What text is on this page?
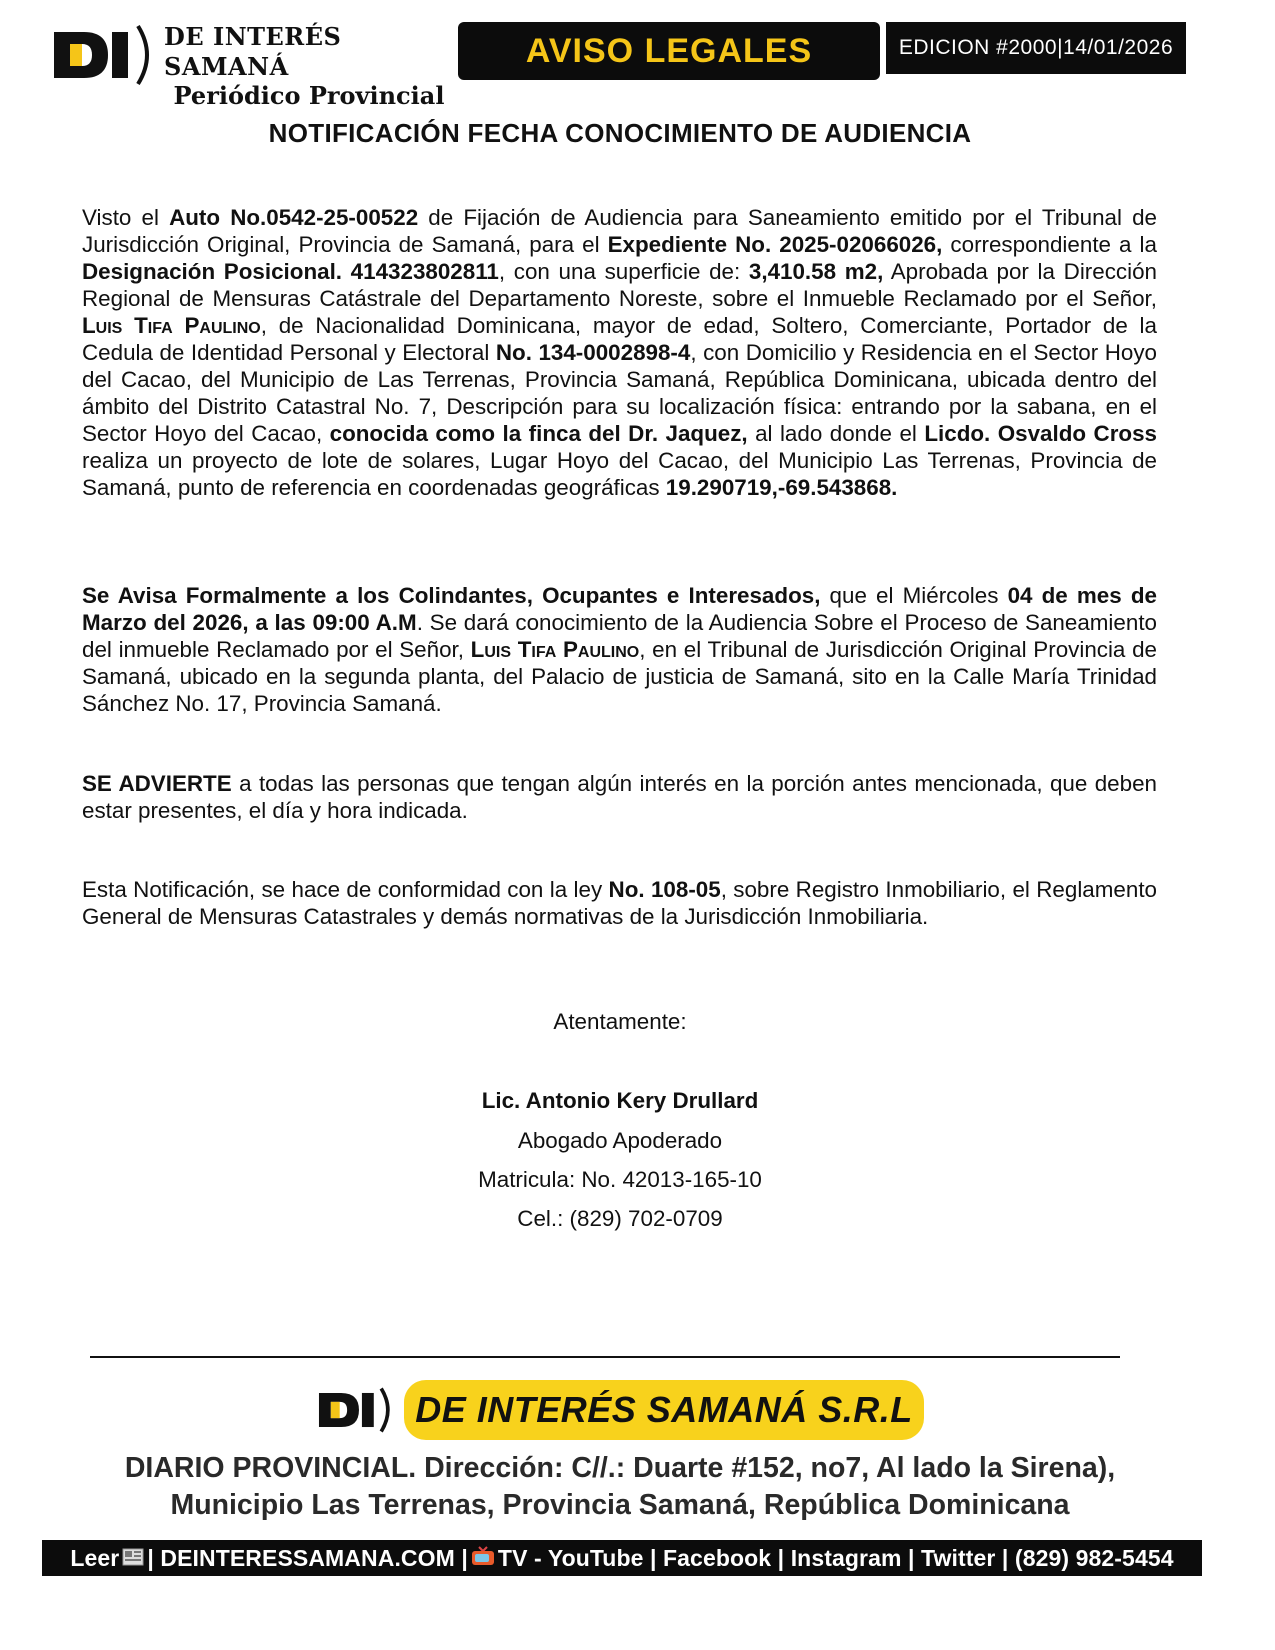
DE INTERÉS SAMANÁ
Periódico Provincial
AVISO LEGALES	EDICION #2000|14/01/2026
NOTIFICACIÓN FECHA CONOCIMIENTO DE AUDIENCIA
Visto el Auto No.0542-25-00522 de Fijación de Audiencia para Saneamiento emitido por el Tribunal de Jurisdicción Original, Provincia de Samaná, para el Expediente No. 2025-02066026, correspondiente a la Designación Posicional. 414323802811, con una superficie de: 3,410.58 m2, Aprobada por la Dirección Regional de Mensuras Catástrale del Departamento Noreste, sobre el Inmueble Reclamado por el Señor, Luis Tifa Paulino, de Nacionalidad Dominicana, mayor de edad, Soltero, Comerciante, Portador de la Cedula de Identidad Personal y Electoral No. 134-0002898-4, con Domicilio y Residencia en el Sector Hoyo del Cacao, del Municipio de Las Terrenas, Provincia Samaná, República Dominicana, ubicada dentro del ámbito del Distrito Catastral No. 7, Descripción para su localización física: entrando por la sabana, en el Sector Hoyo del Cacao, conocida como la finca del Dr. Jaquez, al lado donde el Licdo. Osvaldo Cross realiza un proyecto de lote de solares, Lugar Hoyo del Cacao, del Municipio Las Terrenas, Provincia de Samaná, punto de referencia en coordenadas geográficas 19.290719,-69.543868.
Se Avisa Formalmente a los Colindantes, Ocupantes e Interesados, que el Miércoles 04 de mes de Marzo del 2026, a las 09:00 A.M. Se dará conocimiento de la Audiencia Sobre el Proceso de Saneamiento del inmueble Reclamado por el Señor, Luis Tifa Paulino, en el Tribunal de Jurisdicción Original Provincia de Samaná, ubicado en la segunda planta, del Palacio de justicia de Samaná, sito en la Calle María Trinidad Sánchez No. 17, Provincia Samaná.
SE ADVIERTE a todas las personas que tengan algún interés en la porción antes mencionada, que deben estar presentes, el día y hora indicada.
Esta Notificación, se hace de conformidad con la ley No. 108-05, sobre Registro Inmobiliario, el Reglamento General de Mensuras Catastrales y demás normativas de la Jurisdicción Inmobiliaria.
Atentamente:
Lic. Antonio Kery Drullard
Abogado Apoderado
Matricula: No. 42013-165-10
Cel.: (829) 702-0709
DE INTERÉS SAMANÁ S.R.L
DIARIO PROVINCIAL. Dirección: C//.: Duarte #152, no7, Al lado la Sirena),
Municipio Las Terrenas, Provincia Samaná, República Dominicana
Leer | DEINTERESSAMANA.COM | TV - YouTube | Facebook | Instagram | Twitter | (829) 982-5454
